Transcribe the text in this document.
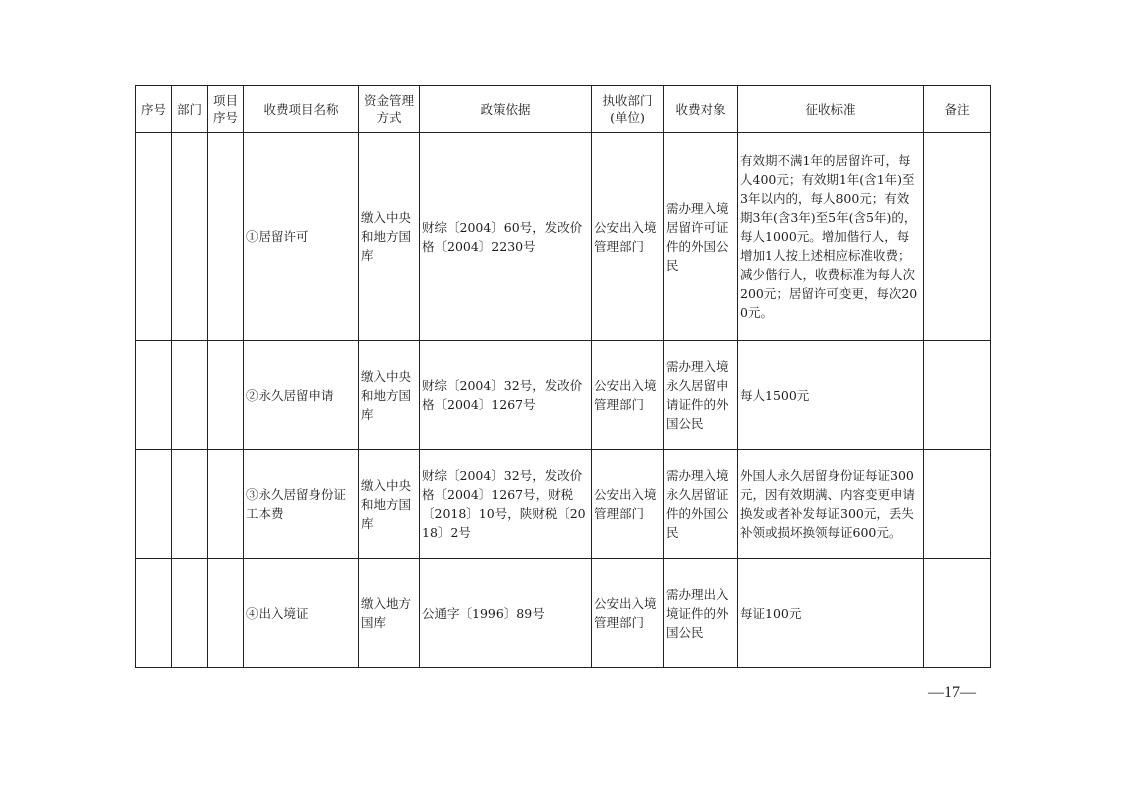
序号	部门	项目序号	收费项目名称	资金管理方式	政策依据	执收部门(单位)	收费对象	征收标准	备注
			①居留许可	缴入中央和地方国库	财综〔2004〕60号，发改价格〔2004〕2230号	公安出入境管理部门	需办理入境居留许可证件的外国公民	有效期不满1年的居留许可，每人400元；有效期1年(含1年)至3年以内的，每人800元；有效期3年(含3年)至5年(含5年)的，每人1000元。增加偕行人，每增加1人按上述相应标准收费；减少偕行人，收费标准为每人次200元；居留许可变更，每次200元。	
			②永久居留申请	缴入中央和地方国库	财综〔2004〕32号，发改价格〔2004〕1267号	公安出入境管理部门	需办理入境永久居留申请证件的外国公民	每人1500元	
			③永久居留身份证工本费	缴入中央和地方国库	财综〔2004〕32号，发改价格〔2004〕1267号，财税〔2018〕10号，陕财税〔2018〕2号	公安出入境管理部门	需办理入境永久居留证件的外国公民	外国人永久居留身份证每证300元，因有效期满、内容变更申请换发或者补发每证300元，丢失补领或损坏换领每证600元。	
			④出入境证	缴入地方国库	公通字〔1996〕89号	公安出入境管理部门	需办理出入境证件的外国公民	每证100元	
—17—
